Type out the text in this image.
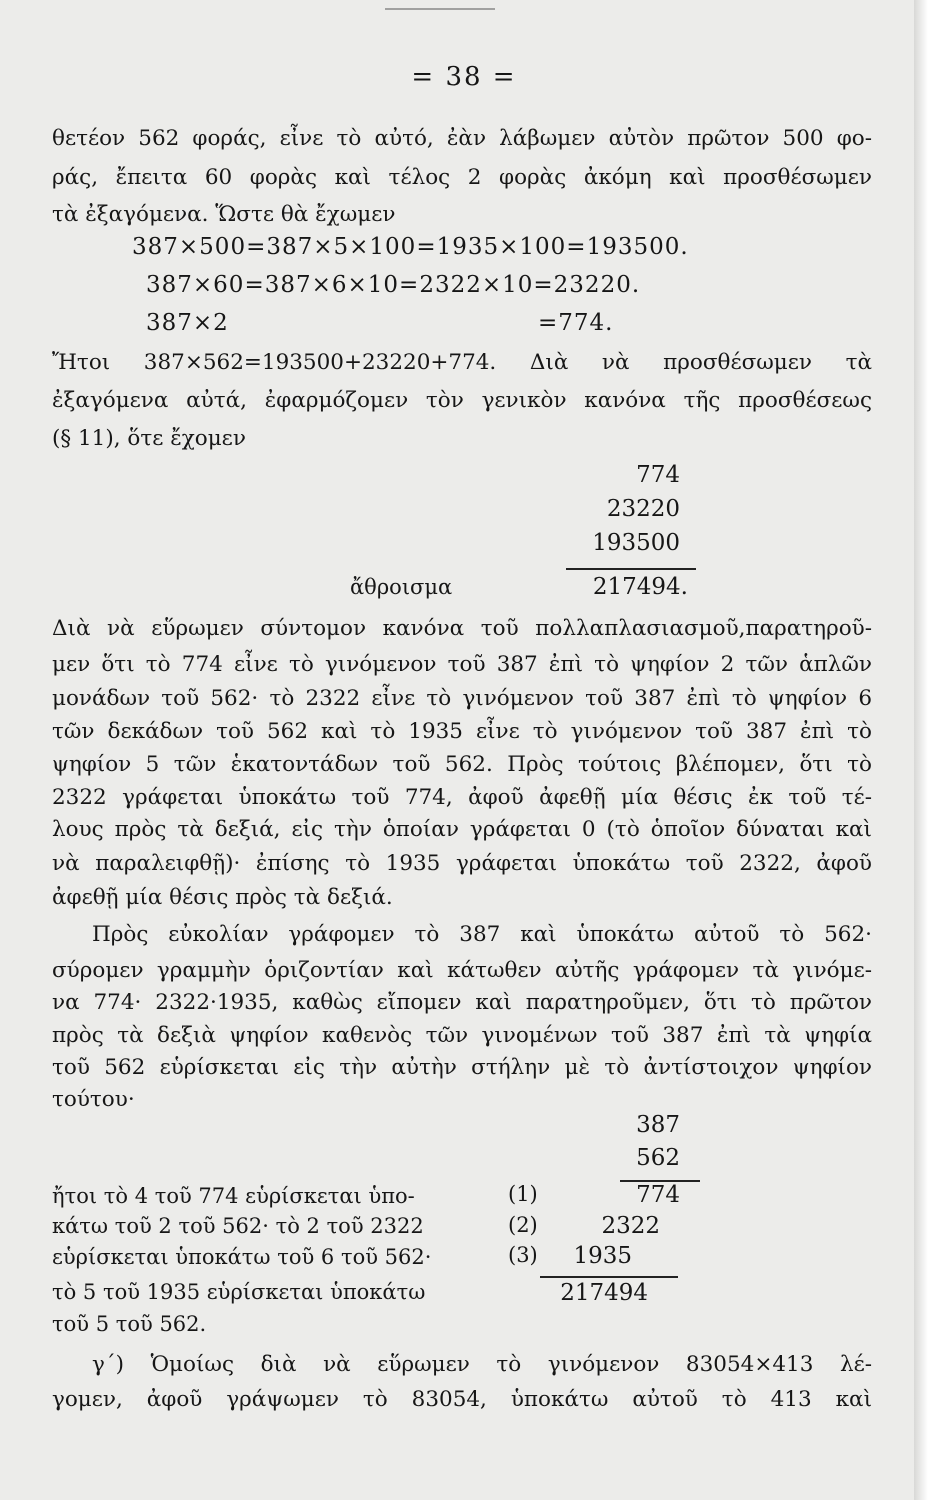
= 38 =
θετέον 562 φοράς, εἶνε τὸ αὐτό, ἐὰν λάβωμεν αὐτὸν πρῶτον 500 φο-
ράς, ἔπειτα 60 φορὰς καὶ τέλος 2 φορὰς ἀκόμη καὶ προσθέσωμεν
τὰ ἐξαγόμενα. Ὥστε θὰ ἔχωμεν
387×500=387×5×100=1935×100=193500.
387×60=387×6×10=2322×10=23220.
387×2	=774.
Ἤτοι 387×562=193500+23220+774. Διὰ νὰ προσθέσωμεν τὰ
ἐξαγόμενα αὐτά, ἐφαρμόζομεν τὸν γενικὸν κανόνα τῆς προσθέσεως
(§ 11), ὅτε ἔχομεν
774
23220
193500
ἄθροισμα	217494.
Διὰ νὰ εὕρωμεν σύντομον κανόνα τοῦ πολλαπλασιασμοῦ,παρατηροῦ-
μεν ὅτι τὸ 774 εἶνε τὸ γινόμενον τοῦ 387 ἐπὶ τὸ ψηφίον 2 τῶν ἁπλῶν
μονάδων τοῦ 562· τὸ 2322 εἶνε τὸ γινόμενον τοῦ 387 ἐπὶ τὸ ψηφίον 6
τῶν δεκάδων τοῦ 562 καὶ τὸ 1935 εἶνε τὸ γινόμενον τοῦ 387 ἐπὶ τὸ
ψηφίον 5 τῶν ἑκατοντάδων τοῦ 562. Πρὸς τούτοις βλέπομεν, ὅτι τὸ
2322 γράφεται ὑποκάτω τοῦ 774, ἀφοῦ ἀφεθῇ μία θέσις ἐκ τοῦ τέ-
λους πρὸς τὰ δεξιά, εἰς τὴν ὁποίαν γράφεται 0 (τὸ ὁποῖον δύναται καὶ
νὰ παραλειφθῇ)· ἐπίσης τὸ 1935 γράφεται ὑποκάτω τοῦ 2322, ἀφοῦ
ἀφεθῇ μία θέσις πρὸς τὰ δεξιά.
Πρὸς εὐκολίαν γράφομεν τὸ 387 καὶ ὑποκάτω αὐτοῦ τὸ 562·
σύρομεν γραμμὴν ὁριζοντίαν καὶ κάτωθεν αὐτῆς γράφομεν τὰ γινόμε-
να 774· 2322·1935, καθὼς εἴπομεν καὶ παρατηροῦμεν, ὅτι τὸ πρῶτον
πρὸς τὰ δεξιὰ ψηφίον καθενὸς τῶν γινομένων τοῦ 387 ἐπὶ τὰ ψηφία
τοῦ 562 εὑρίσκεται εἰς τὴν αὐτὴν στήλην μὲ τὸ ἀντίστοιχον ψηφίον
τούτου·
387
562
774
2322
1935
(1)
(2)
(3)
217494
ἤτοι τὸ 4 τοῦ 774 εὑρίσκεται ὑπο-
κάτω τοῦ 2 τοῦ 562· τὸ 2 τοῦ 2322
εὑρίσκεται ὑποκάτω τοῦ 6 τοῦ 562·
τὸ 5 τοῦ 1935 εὑρίσκεται ὑποκάτω
τοῦ 5 τοῦ 562.
γ΄) Ὁμοίως διὰ νὰ εὕρωμεν τὸ γινόμενον 83054×413 λέ-
γομεν, ἀφοῦ γράψωμεν τὸ 83054, ὑποκάτω αὐτοῦ τὸ 413 καὶ
